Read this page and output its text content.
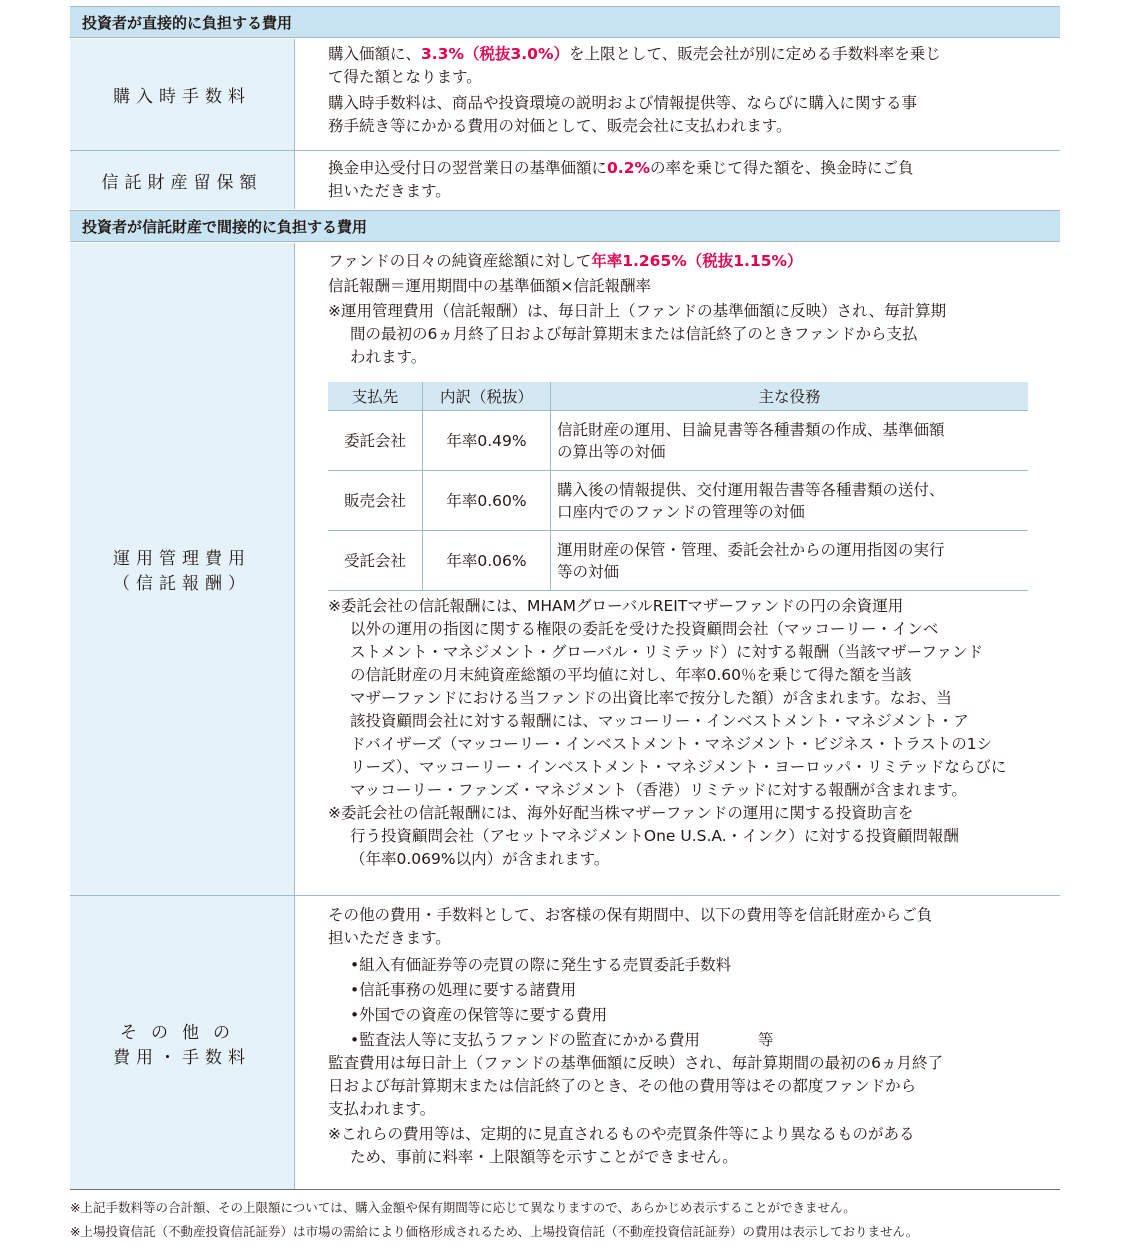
投資者が直接的に負担する費用
購入時手数料

購入価額に、3.3%（税抜3.0%）を上限として、販売会社が別に定める手数料率を乗じ

て得た額となります。

購入時手数料は、商品や投資環境の説明および情報提供等、ならびに購入に関する事

務手続き等にかかる費用の対価として、販売会社に支払われます。

信託財産留保額

換金申込受付日の翌営業日の基準価額に0.2%の率を乗じて得た額を、換金時にご負

担いただきます。

投資者が信託財産で間接的に負担する費用
運用管理費用
（信託報酬）

ファンドの日々の純資産総額に対して年率1.265%（税抜1.15%）

信託報酬＝運用期間中の基準価額×信託報酬率

※運用管理費用（信託報酬）は、毎日計上（ファンドの基準価額に反映）され、毎計算期

間の最初の6ヵ月終了日および毎計算期末または信託終了のときファンドから支払

われます。

支払先	内訳（税抜）	主な役務
委託会社	年率0.49%	信託財産の運用、目論見書等各種書類の作成、基準価額
の算出等の対価

販売会社	年率0.60%	購入後の情報提供、交付運用報告書等各種書類の送付、
口座内でのファンドの管理等の対価

受託会社	年率0.06%	運用財産の保管・管理、委託会社からの運用指図の実行
等の対価

※委託会社の信託報酬には、MHAMグローバルREITマザーファンドの円の余資運用

以外の運用の指図に関する権限の委託を受けた投資顧問会社（マッコーリー・インベ

ストメント・マネジメント・グローバル・リミテッド）に対する報酬（当該マザーファンド

の信託財産の月末純資産総額の平均値に対し、年率0.60％を乗じて得た額を当該

マザーファンドにおける当ファンドの出資比率で按分した額）が含まれます。なお、当

該投資顧問会社に対する報酬には、マッコーリー・インベストメント・マネジメント・ア

ドバイザーズ（マッコーリー・インベストメント・マネジメント・ビジネス・トラストの1シ

リーズ）、マッコーリー・インベストメント・マネジメント・ヨーロッパ・リミテッドならびに

マッコーリー・ファンズ・マネジメント（香港）リミテッドに対する報酬が含まれます。

※委託会社の信託報酬には、海外好配当株マザーファンドの運用に関する投資助言を

行う投資顧問会社（アセットマネジメントOne U.S.A.・インク）に対する投資顧問報酬

（年率0.069%以内）が含まれます。

その他の
費用・手数料

その他の費用・手数料として、お客様の保有期間中、以下の費用等を信託財産からご負

担いただきます。

•組入有価証券等の売買の際に発生する売買委託手数料

•信託事務の処理に要する諸費用

•外国での資産の保管等に要する費用

•監査法人等に支払うファンドの監査にかかる費用	等

監査費用は毎日計上（ファンドの基準価額に反映）され、毎計算期間の最初の6ヵ月終了

日および毎計算期末または信託終了のとき、その他の費用等はその都度ファンドから

支払われます。

※これらの費用等は、定期的に見直されるものや売買条件等により異なるものがある

ため、事前に料率・上限額等を示すことができません。

※上記手数料等の合計額、その上限額については、購入金額や保有期間等に応じて異なりますので、あらかじめ表示することができません。
※上場投資信託（不動産投資信託証券）は市場の需給により価格形成されるため、上場投資信託（不動産投資信託証券）の費用は表示しておりません。
